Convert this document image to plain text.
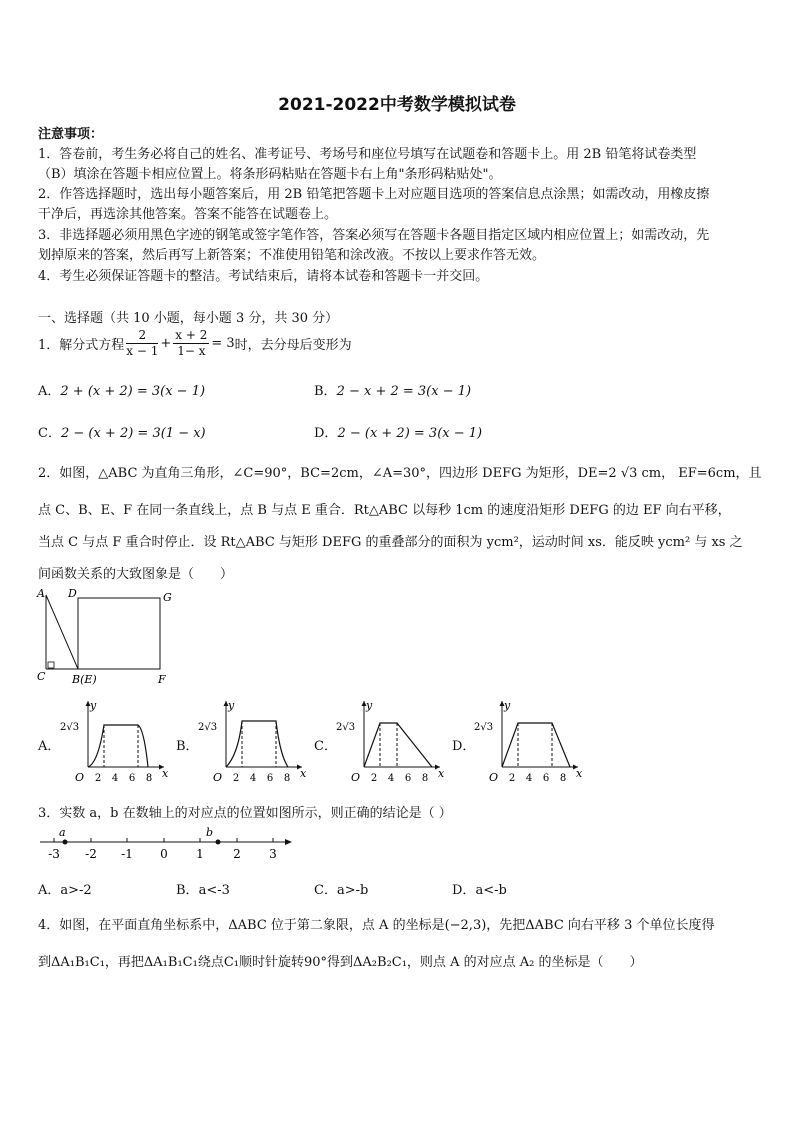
2021-2022中考数学模拟试卷
注意事项：
1．答卷前，考生务必将自己的姓名、准考证号、考场号和座位号填写在试题卷和答题卡上。用 2B 铅笔将试卷类型
（B）填涂在答题卡相应位置上。将条形码粘贴在答题卡右上角"条形码粘贴处"。
2．作答选择题时，选出每小题答案后，用 2B 铅笔把答题卡上对应题目选项的答案信息点涂黑；如需改动，用橡皮擦
干净后，再选涂其他答案。答案不能答在试题卷上。
3．非选择题必须用黑色字迹的钢笔或签字笔作答，答案必须写在答题卡各题目指定区域内相应位置上；如需改动，先
划掉原来的答案，然后再写上新答案；不准使用铅笔和涂改液。不按以上要求作答无效。
4．考生必须保证答题卡的整洁。考试结束后，请将本试卷和答题卡一并交回。
一、选择题（共 10 小题，每小题 3 分，共 30 分）
1．解分式方程 $\frac{2}{x - 1} + \frac{x + 2}{1- x} = 3$ 时，去分母后变形为
A．2 + (x + 2) = 3(x − 1)	B．2 − x + 2 = 3(x − 1)
C．2 − (x + 2) = 3(1 − x)	D．2 − (x + 2) = 3(x − 1)
2．如图，△ABC 为直角三角形，∠C=90°，BC=2cm，∠A=30°，四边形 DEFG 为矩形，DE=2 √3 cm， EF=6cm，且
点 C、B、E、F 在同一条直线上，点 B 与点 E 重合．Rt△ABC 以每秒 1cm 的速度沿矩形 DEFG 的边 EF 向右平移，
当点 C 与点 F 重合时停止．设 Rt△ABC 与矩形 DEFG 的重叠部分的面积为 ycm²，运动时间 xs．能反映 ycm² 与 xs 之
间函数关系的大致图象是（　　）
A D	G
C B(E)	F
A．
y
x
O
2√3
2 4 6 8
B．
y
x
O
2√3
2 4 6 8
C．
y
x
O
2√3
2 4 6 8
D．
y
x
O
2√3
2 4 6 8
3．实数 a，b 在数轴上的对应点的位置如图所示，则正确的结论是（ ）
-3 -2 -1 0 1 2 3
a	b
A．a>-2	B．a<-3	C．a>-b	D．a<-b
4．如图，在平面直角坐标系中，ΔABC 位于第二象限，点 A 的坐标是(−2,3)，先把ΔABC 向右平移 3 个单位长度得
到ΔA₁B₁C₁，再把ΔA₁B₁C₁绕点C₁顺时针旋转90°得到ΔA₂B₂C₁，则点 A 的对应点 A₂ 的坐标是（　　）
